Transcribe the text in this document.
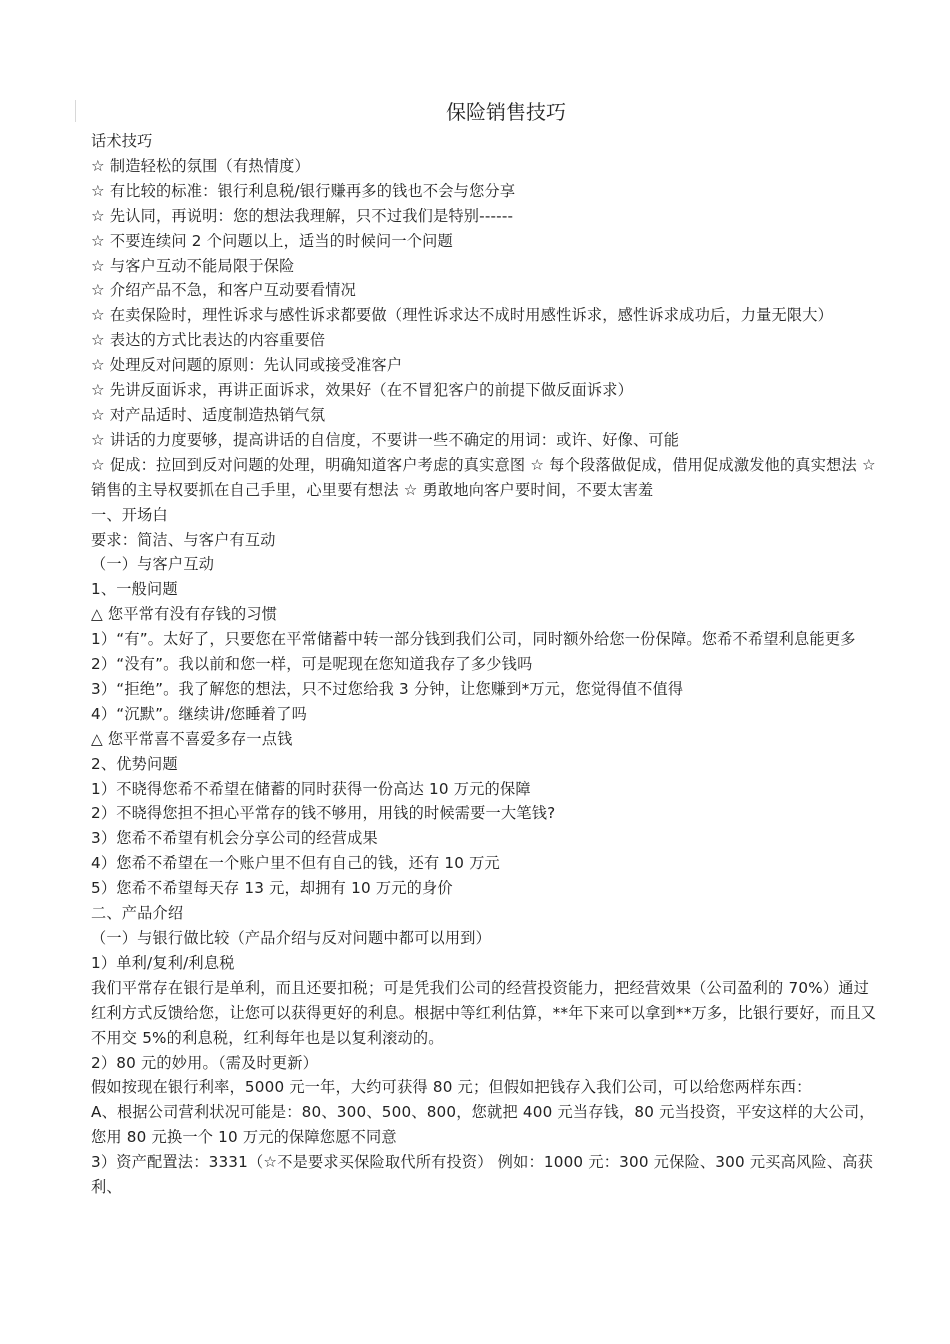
保险销售技巧

话术技巧

☆ 制造轻松的氛围（有热情度）

☆ 有比较的标准：银行利息税/银行赚再多的钱也不会与您分享

☆ 先认同，再说明：您的想法我理解，只不过我们是特别------

☆ 不要连续问 2 个问题以上，适当的时候问一个问题

☆ 与客户互动不能局限于保险

☆ 介绍产品不急，和客户互动要看情况

☆ 在卖保险时，理性诉求与感性诉求都要做（理性诉求达不成时用感性诉求，感性诉求成功后，力量无限大）

☆ 表达的方式比表达的内容重要倍

☆ 处理反对问题的原则：先认同或接受准客户

☆ 先讲反面诉求，再讲正面诉求，效果好（在不冒犯客户的前提下做反面诉求）

☆ 对产品适时、适度制造热销气氛

☆ 讲话的力度要够，提高讲话的自信度，不要讲一些不确定的用词：或许、好像、可能

☆ 促成：拉回到反对问题的处理，明确知道客户考虑的真实意图 ☆ 每个段落做促成，借用促成激发他的真实想法 ☆ 销售的主导权要抓在自己手里，心里要有想法 ☆ 勇敢地向客户要时间，不要太害羞

一、开场白

要求：简洁、与客户有互动

（一）与客户互动

1、一般问题

△ 您平常有没有存钱的习惯

1）“有”。太好了，只要您在平常储蓄中转一部分钱到我们公司，同时额外给您一份保障。您希不希望利息能更多

2）“没有”。我以前和您一样，可是呢现在您知道我存了多少钱吗

3）“拒绝”。我了解您的想法，只不过您给我 3 分钟，让您赚到*万元，您觉得值不值得

4）“沉默”。继续讲/您睡着了吗

△ 您平常喜不喜爱多存一点钱

2、优势问题

1）不晓得您希不希望在储蓄的同时获得一份高达 10 万元的保障

2）不晓得您担不担心平常存的钱不够用，用钱的时候需要一大笔钱?

3）您希不希望有机会分享公司的经营成果

4）您希不希望在一个账户里不但有自己的钱，还有 10 万元

5）您希不希望每天存 13 元，却拥有 10 万元的身价

二、产品介绍

（一）与银行做比较（产品介绍与反对问题中都可以用到）

1）单利/复利/利息税

我们平常存在银行是单利，而且还要扣税；可是凭我们公司的经营投资能力，把经营效果（公司盈利的 70%）通过红利方式反馈给您，让您可以获得更好的利息。根据中等红利估算，**年下来可以拿到**万多，比银行要好，而且又不用交 5%的利息税，红利每年也是以复利滚动的。

2）80 元的妙用。（需及时更新）

假如按现在银行利率，5000 元一年，大约可获得 80 元；但假如把钱存入我们公司，可以给您两样东西：

A、根据公司营利状况可能是：80、300、500、800，您就把 400 元当存钱，80 元当投资，平安这样的大公司，您用 80 元换一个 10 万元的保障您愿不同意

3）资产配置法：3331（☆不是要求买保险取代所有投资） 例如：1000 元：300 元保险、300 元买高风险、高获利、
